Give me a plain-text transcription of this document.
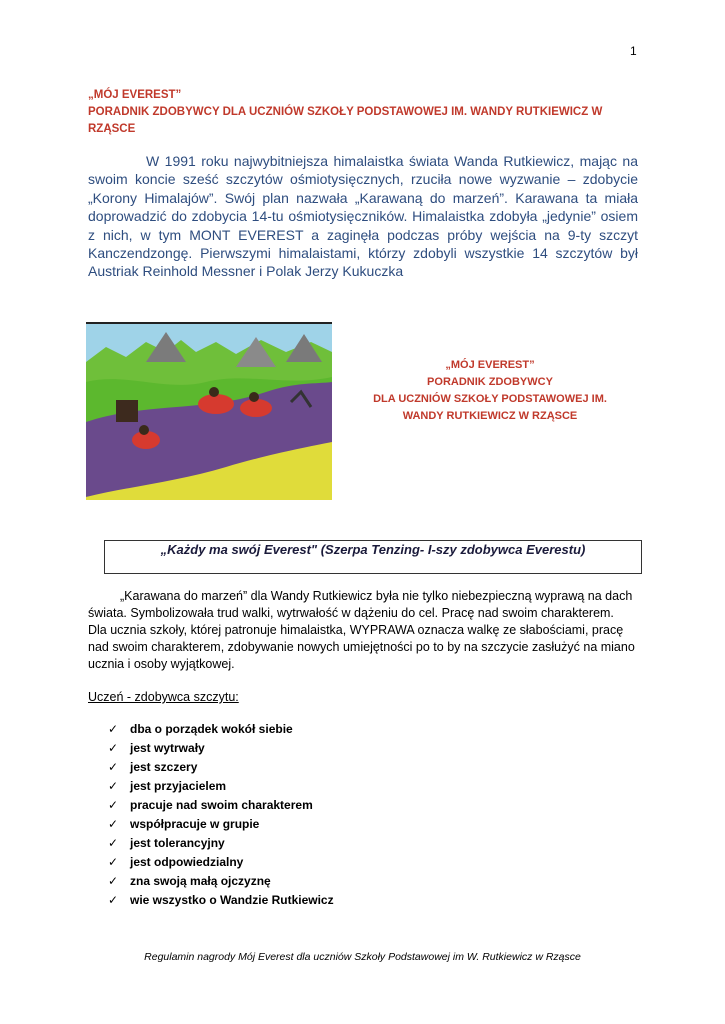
1
„MÓJ EVEREST”
PORADNIK ZDOBYWCY DLA UCZNIÓW SZKOŁY PODSTAWOWEJ IM. WANDY RUTKIEWICZ W RZĄSCE
W 1991 roku najwybitniejsza himalaistka świata Wanda Rutkiewicz, mając na swoim koncie sześć szczytów ośmiotysięcznych, rzuciła nowe wyzwanie – zdobycie „Korony Himalajów”. Swój plan nazwała „Karawaną do marzeń”. Karawana ta miała doprowadzić do zdobycia 14-tu ośmiotysięczników. Himalaistka zdobyła „jedynie” osiem z nich, w tym MONT EVEREST a zaginęła podczas próby wejścia na 9-ty szczyt Kanczendzongę. Pierwszymi himalaistami, którzy zdobyli wszystkie 14 szczytów był Austriak Reinhold Messner i Polak Jerzy Kukuczka
„MÓJ EVEREST”
PORADNIK ZDOBYWCY
DLA UCZNIÓW SZKOŁY PODSTAWOWEJ IM.
WANDY RUTKIEWICZ W RZĄSCE
„Każdy ma swój Everest" (Szerpa Tenzing- I-szy zdobywca Everestu)
„Karawana do marzeń” dla Wandy Rutkiewicz była nie tylko niebezpieczną wyprawą na dach świata. Symbolizowała trud walki, wytrwałość w dążeniu do cel. Pracę nad swoim charakterem. Dla ucznia szkoły, której patronuje himalaistka, WYPRAWA oznacza walkę ze słabościami, pracę nad swoim charakterem, zdobywanie nowych umiejętności po to by na szczycie zasłużyć na miano ucznia i osoby wyjątkowej.
Uczeń - zdobywca szczytu:
✓ dba o porządek wokół siebie
✓ jest wytrwały
✓ jest szczery
✓ jest przyjacielem
✓ pracuje nad swoim charakterem
✓ współpracuje w grupie
✓ jest tolerancyjny
✓ jest odpowiedzialny
✓ zna swoją małą ojczyznę
✓ wie wszystko o Wandzie Rutkiewicz
Regulamin nagrody Mój Everest dla uczniów Szkoły Podstawowej im W. Rutkiewicz w Rząsce
